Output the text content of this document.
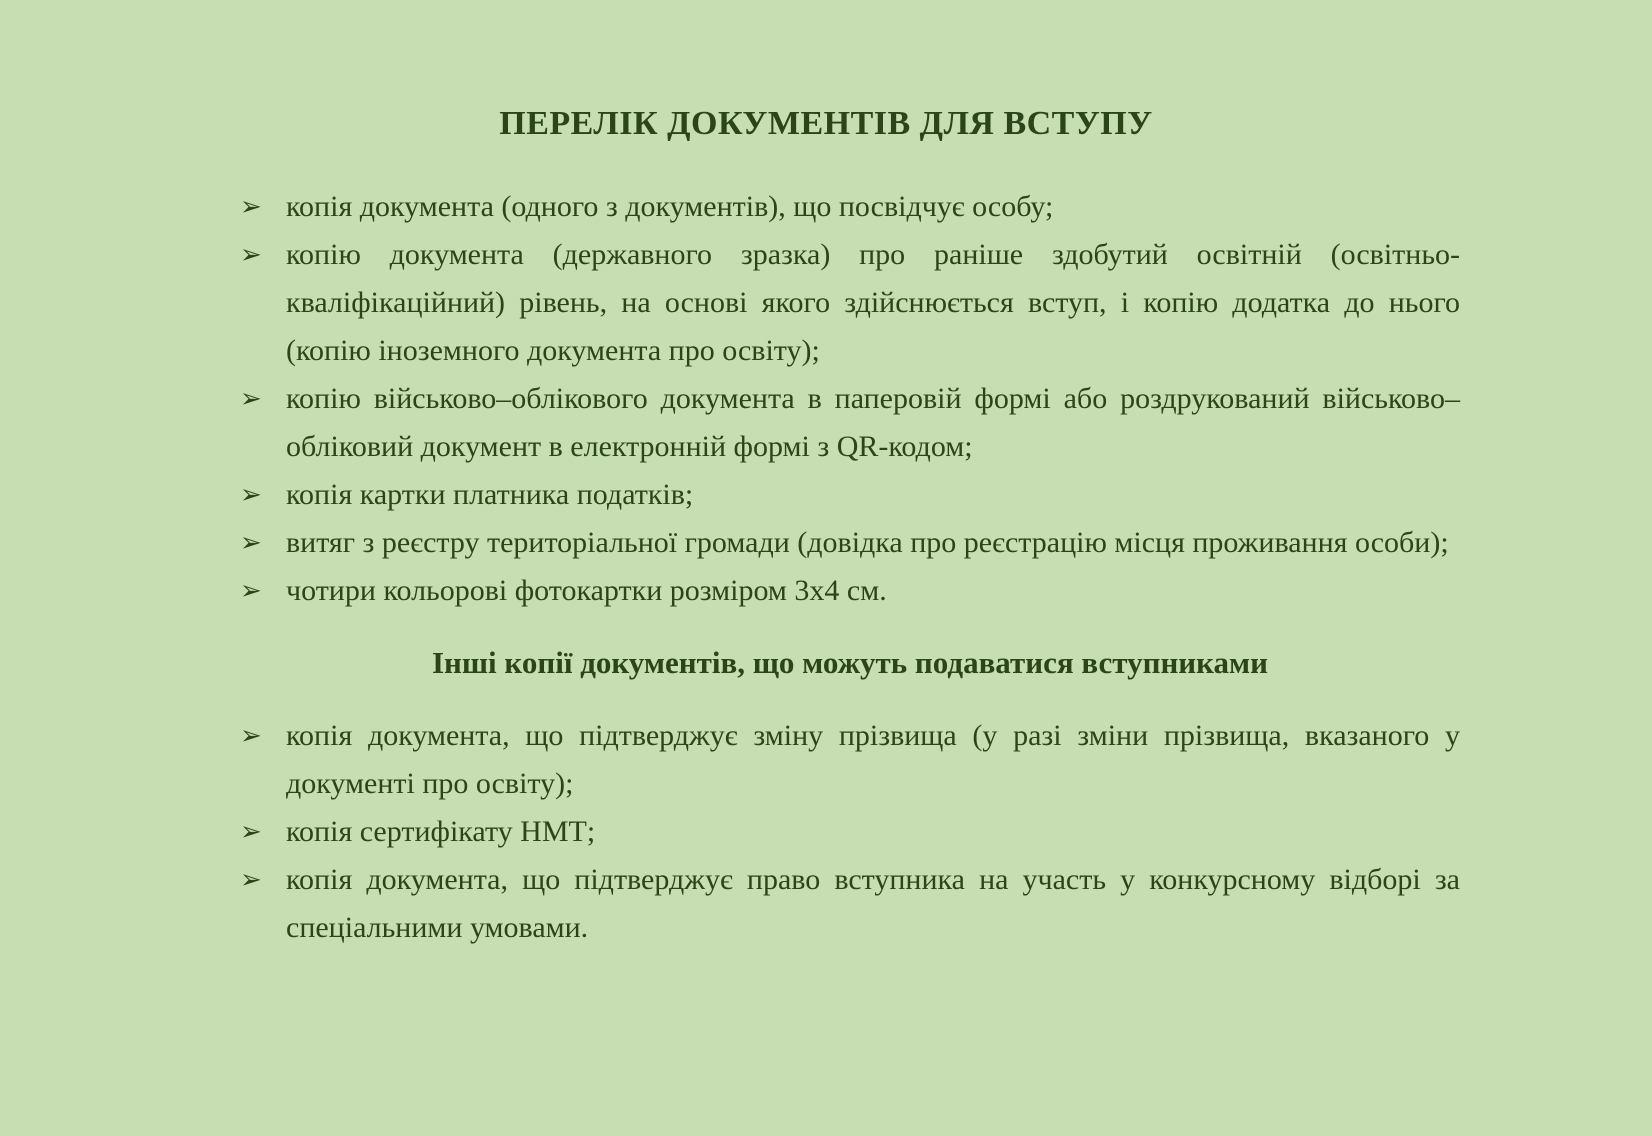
ПЕРЕЛІК ДОКУМЕНТІВ ДЛЯ ВСТУПУ
➢ копія документа (одного з документів), що посвідчує особу;
➢ копію документа (державного зразка) про раніше здобутий освітній (освітньо-кваліфікаційний) рівень, на основі якого здійснюється вступ, і копію додатка до нього (копію іноземного документа про освіту);
➢ копію військово–облікового документа в паперовій формі або роздрукований військово–обліковий документ в електронній формі з QR-кодом;
➢ копія картки платника податків;
➢ витяг з реєстру територіальної громади (довідка про реєстрацію місця проживання особи);
➢ чотири кольорові фотокартки розміром 3х4 см.
Інші копії документів, що можуть подаватися вступниками
➢ копія документа, що підтверджує зміну прізвища (у разі зміни прізвища, вказаного у документі про освіту);
➢ копія сертифікату НМТ;
➢ копія документа, що підтверджує право вступника на участь у конкурсному відборі за спеціальними умовами.
